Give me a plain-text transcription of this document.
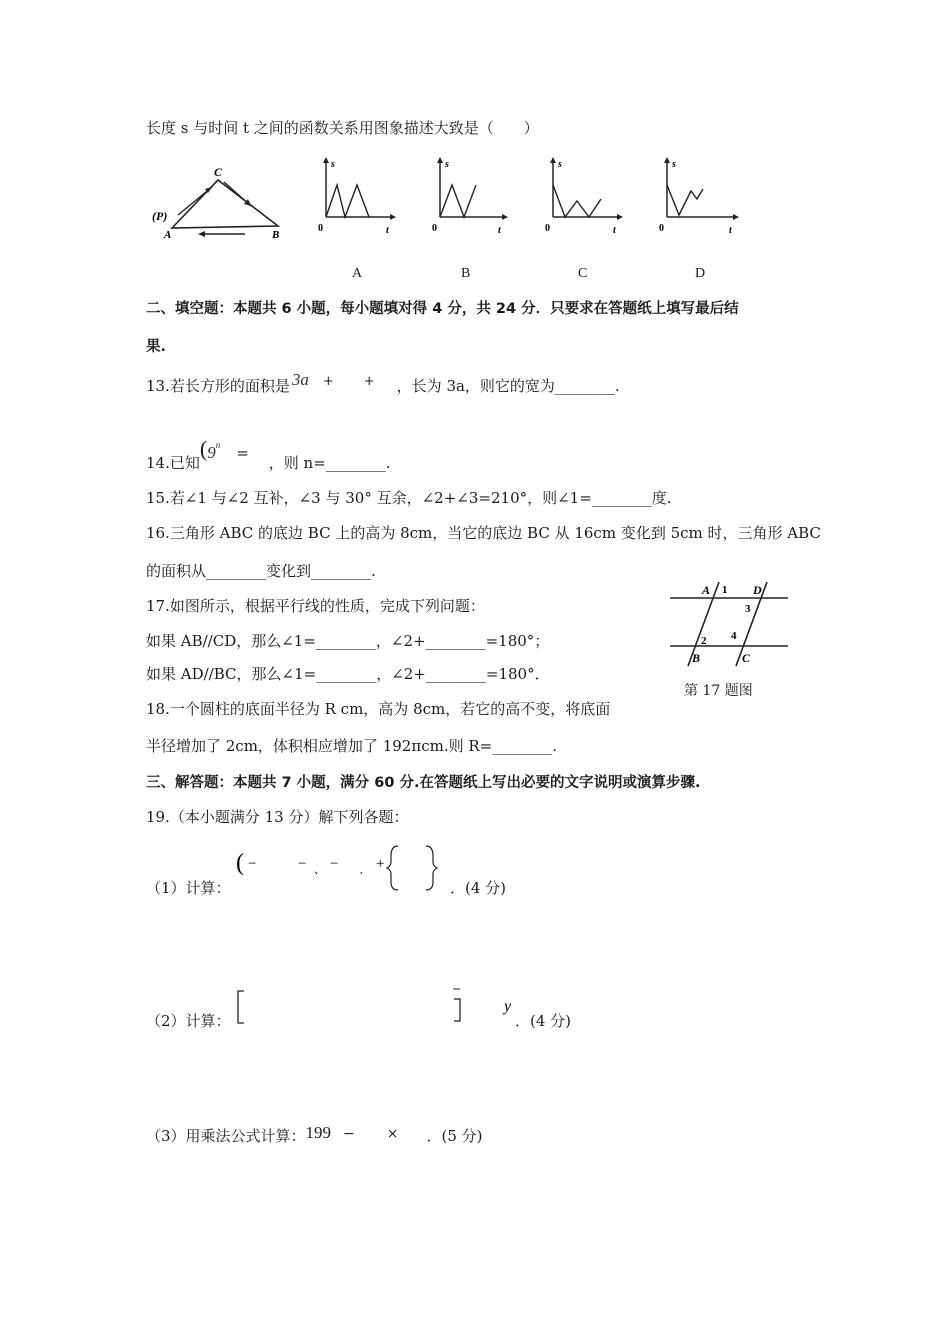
长度 s 与时间 t 之间的函数关系用图象描述大致是（　　）
(P)
A
C
B
s
0	t
s
0	t
s
0	t
s
0	t
A	B	C	D
二、填空题：本题共 6 小题，每小题填对得 4 分，共 24 分．只要求在答题纸上填写最后结
果.
13.若长方形的面积是 3a + + ，长为 3a，则它的宽为________.
14.已知($9^n$ =，则 n=________.
15.若∠1 与∠2 互补，∠3 与 30° 互余，∠2+∠3=210°，则∠1=________度.
16.三角形 ABC 的底边 BC 上的高为 8cm，当它的底边 BC 从 16cm 变化到 5cm 时，三角形 ABC
的面积从________变化到________.
17.如图所示，根据平行线的性质，完成下列问题：
如果 AB//CD，那么∠1=________，∠2+________=180°；
如果 AD//BC，那么∠1=________，∠2+________=180°．
A 1 D
3
4
2
B	C
第 17 题图
18.一个圆柱的底面半径为 R cm，高为 8cm，若它的高不变，将底面
半径增加了 2cm，体积相应增加了 192πcm.则 R=________.
三、解答题：本题共 7 小题，满分 60 分.在答题纸上写出必要的文字说明或演算步骤.
19.（本小题满分 13 分）解下列各题：
（1）计算：
( −	− 、 − , +
．(4 分)
（2）计算：
y
．(4 分)
（3）用乘法公式计算：199 − × ．(5 分)
